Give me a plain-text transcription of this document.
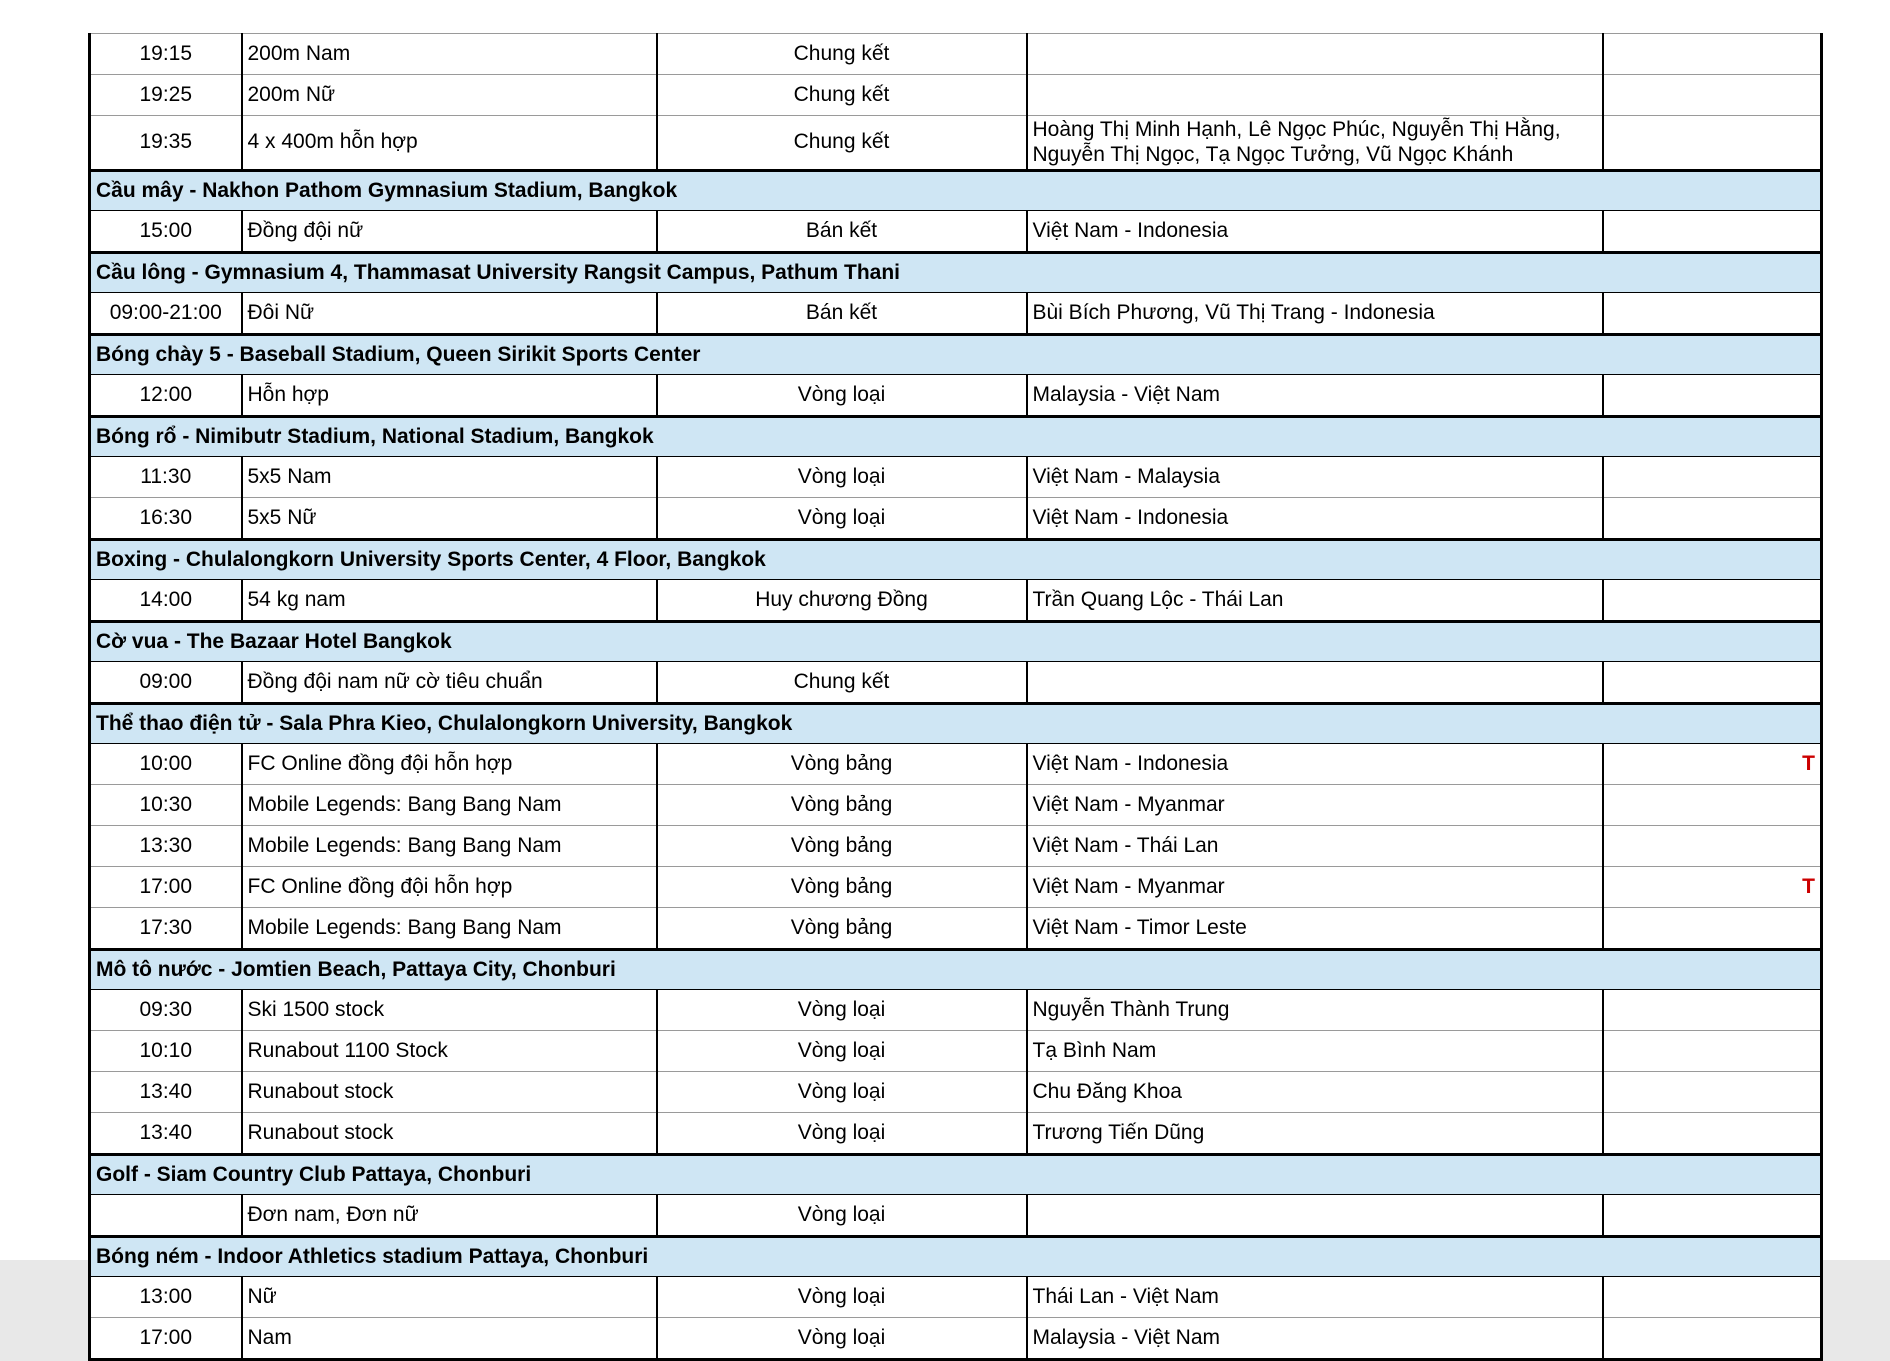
19:15	200m Nam	Chung kết		
19:25	200m Nữ	Chung kết		
19:35	4 x 400m hỗn hợp	Chung kết	Hoàng Thị Minh Hạnh, Lê Ngọc Phúc, Nguyễn Thị Hằng, Nguyễn Thị Ngọc, Tạ Ngọc Tưởng, Vũ Ngọc Khánh	
Cầu mây - Nakhon Pathom Gymnasium Stadium, Bangkok				
15:00	Đồng đội nữ	Bán kết	Việt Nam - Indonesia	
Cầu lông - Gymnasium 4, Thammasat University Rangsit Campus, Pathum Thani				
09:00-21:00	Đôi Nữ	Bán kết	Bùi Bích Phương, Vũ Thị Trang - Indonesia	
Bóng chày 5 - Baseball Stadium, Queen Sirikit Sports Center				
12:00	Hỗn hợp	Vòng loại	Malaysia - Việt Nam	
Bóng rổ - Nimibutr Stadium, National Stadium, Bangkok				
11:30	5x5 Nam	Vòng loại	Việt Nam - Malaysia	
16:30	5x5 Nữ	Vòng loại	Việt Nam - Indonesia	
Boxing - Chulalongkorn University Sports Center, 4 Floor, Bangkok				
14:00	54 kg nam	Huy chương Đồng	Trần Quang Lộc - Thái Lan	
Cờ vua - The Bazaar Hotel Bangkok				
09:00	Đồng đội nam nữ cờ tiêu chuẩn	Chung kết		
Thể thao điện tử - Sala Phra Kieo, Chulalongkorn University, Bangkok				
10:00	FC Online đồng đội hỗn hợp	Vòng bảng	Việt Nam - Indonesia	T
10:30	Mobile Legends: Bang Bang Nam	Vòng bảng	Việt Nam - Myanmar	
13:30	Mobile Legends: Bang Bang Nam	Vòng bảng	Việt Nam - Thái Lan	
17:00	FC Online đồng đội hỗn hợp	Vòng bảng	Việt Nam - Myanmar	T
17:30	Mobile Legends: Bang Bang Nam	Vòng bảng	Việt Nam - Timor Leste	
Mô tô nước - Jomtien Beach, Pattaya City, Chonburi				
09:30	Ski 1500 stock	Vòng loại	Nguyễn Thành Trung	
10:10	Runabout 1100 Stock	Vòng loại	Tạ Bình Nam	
13:40	Runabout stock	Vòng loại	Chu Đăng Khoa	
13:40	Runabout stock	Vòng loại	Trương Tiến Dũng	
Golf - Siam Country Club Pattaya, Chonburi				
	Đơn nam, Đơn nữ	Vòng loại		
Bóng ném - Indoor Athletics stadium Pattaya, Chonburi				
13:00	Nữ	Vòng loại	Thái Lan - Việt Nam	
17:00	Nam	Vòng loại	Malaysia - Việt Nam	
